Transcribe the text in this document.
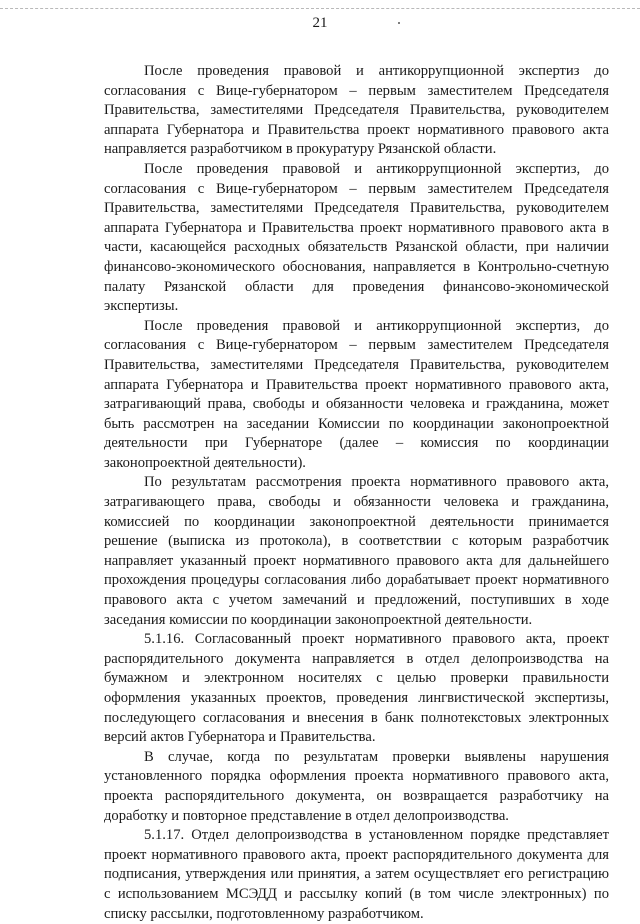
21

После проведения правовой и антикоррупционной экспертиз до согласования с Вице-губернатором – первым заместителем Председателя Правительства, заместителями Председателя Правительства, руководителем аппарата Губернатора и Правительства проект нормативного правового акта направляется разработчиком в прокуратуру Рязанской области.

После проведения правовой и антикоррупционной экспертиз, до согласования с Вице-губернатором – первым заместителем Председателя Правительства, заместителями Председателя Правительства, руководителем аппарата Губернатора и Правительства проект нормативного правового акта в части, касающейся расходных обязательств Рязанской области, при наличии финансово-экономического обоснования, направляется в Контрольно-счетную палату Рязанской области для проведения финансово-экономической экспертизы.

После проведения правовой и антикоррупционной экспертиз, до согласования с Вице-губернатором – первым заместителем Председателя Правительства, заместителями Председателя Правительства, руководителем аппарата Губернатора и Правительства проект нормативного правового акта, затрагивающий права, свободы и обязанности человека и гражданина, может быть рассмотрен на заседании Комиссии по координации законопроектной деятельности при Губернаторе (далее – комиссия по координации законопроектной деятельности).

По результатам рассмотрения проекта нормативного правового акта, затрагивающего права, свободы и обязанности человека и гражданина, комиссией по координации законопроектной деятельности принимается решение (выписка из протокола), в соответствии с которым разработчик направляет указанный проект нормативного правового акта для дальнейшего прохождения процедуры согласования либо дорабатывает проект нормативного правового акта с учетом замечаний и предложений, поступивших в ходе заседания комиссии по координации законопроектной деятельности.

5.1.16. Согласованный проект нормативного правового акта, проект распорядительного документа направляется в отдел делопроизводства на бумажном и электронном носителях с целью проверки правильности оформления указанных проектов, проведения лингвистической экспертизы, последующего согласования и внесения в банк полнотекстовых электронных версий актов Губернатора и Правительства.

В случае, когда по результатам проверки выявлены нарушения установленного порядка оформления проекта нормативного правового акта, проекта распорядительного документа, он возвращается разработчику на доработку и повторное представление в отдел делопроизводства.

5.1.17. Отдел делопроизводства в установленном порядке представляет проект нормативного правового акта, проект распорядительного документа для подписания, утверждения или принятия, а затем осуществляет его регистрацию с использованием МСЭДД и рассылку копий (в том числе электронных) по списку рассылки, подготовленному разработчиком.
